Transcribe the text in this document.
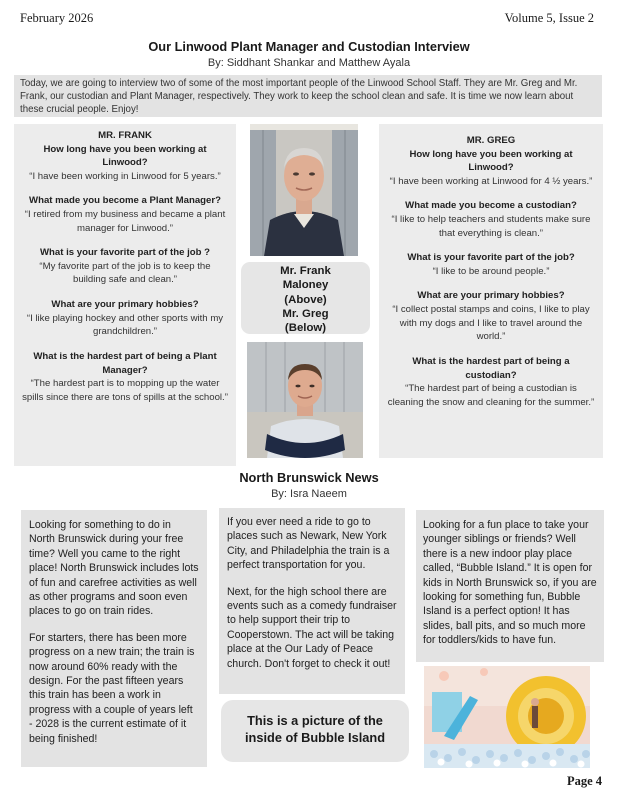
February 2026	Volume 5, Issue 2
Our Linwood Plant Manager and Custodian Interview
By: Siddhant Shankar and Matthew Ayala
Today, we are going to interview two of some of the most important people of the Linwood School Staff. They are Mr. Greg and Mr. Frank, our custodian and Plant Manager, respectively. They work to keep the school clean and safe. It is time we now learn about these crucial people. Enjoy!
MR. FRANK
How long have you been working at Linwood?
“I have been working in Linwood for 5 years.”
What made you become a Plant Manager?
“I retired from my business and became a plant manager for Linwood.”
What is your favorite part of the job ?
“My favorite part of the job is to keep the building safe and clean.”
What are your primary hobbies?
“I like playing hockey and other sports with my grandchildren.”
What is the hardest part of being a Plant Manager?
“The hardest part is to mopping up the water spills since there are tons of spills at the school.”
MR. GREG
How long have you been working at Linwood?
“I have been working at Linwood for 4 ½ years.”
What made you become a custodian?
“I like to help teachers and students make sure that everything is clean.”
What is your favorite part of the job?
“I like to be around people.”
What are your primary hobbies?
“I collect postal stamps and coins, I like to play with my dogs and I like to travel around the world.”
What is the hardest part of being a custodian?
“The hardest part of being a custodian is cleaning the snow and cleaning for the summer.”
Mr. Frank
Maloney
(Above)
Mr. Greg
(Below)
North Brunswick News
By: Isra Naeem

Looking for something to do in North Brunswick during your free time? Well you came to the right place! North Brunswick includes lots of fun and carefree activities as well as other programs and soon even places to go on train rides.

For starters, there has been more progress on a new train; the train is now around 60% ready with the design. For the past fifteen years this train has been a work in progress with a couple of years left - 2028 is the current estimate of it being finished!

If you ever need a ride to go to places such as Newark, New York City, and Philadelphia the train is a perfect transportation for you.

Next, for the high school there are events such as a comedy fundraiser to help support their trip to Cooperstown. The act will be taking place at the Our Lady of Peace church. Don't forget to check it out!

This is a picture of the inside of Bubble Island

Looking for a fun place to take your younger siblings or friends? Well there is a new indoor play place called, “Bubble Island.” It is open for kids in North Brunswick so, if you are looking for something fun, Bubble Island is a perfect option! It has slides, ball pits, and so much more for toddlers/kids to have fun.

Page 4
